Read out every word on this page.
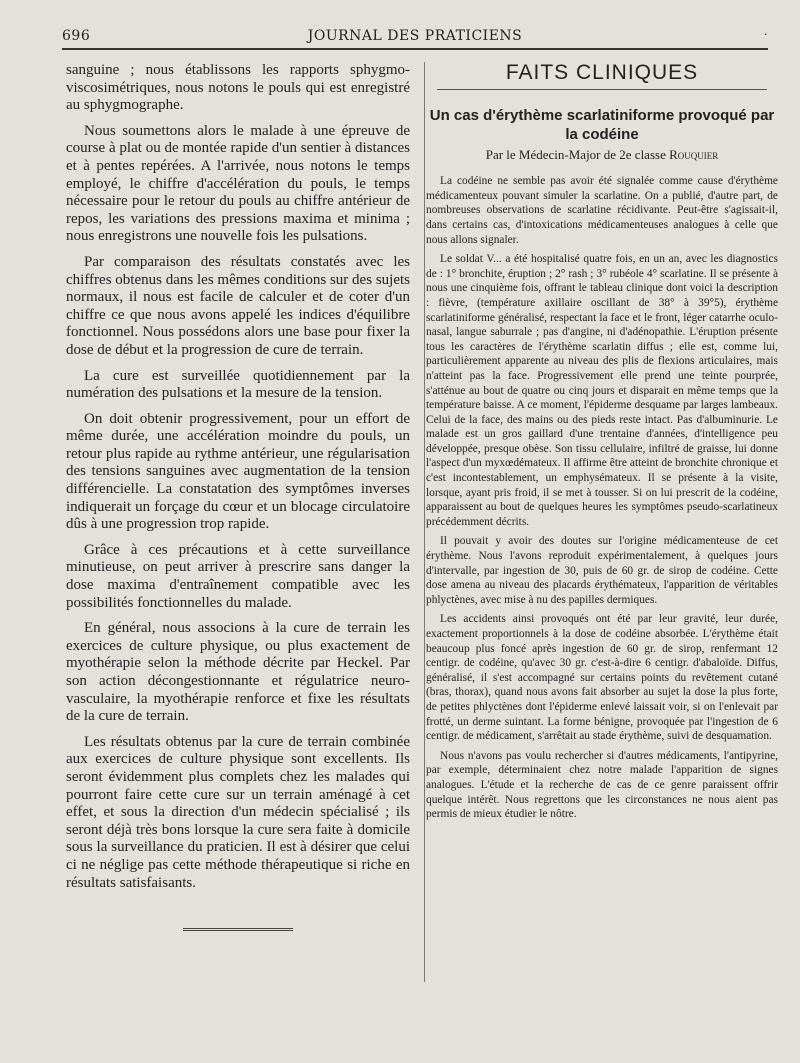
696	JOURNAL DES PRATICIENS	·

sanguine ; nous établissons les rapports sphygmo-viscosimétriques, nous notons le pouls qui est enregistré au sphygmographe.

Nous soumettons alors le malade à une épreuve de course à plat ou de montée rapide d'un sentier à distances et à pentes repérées. A l'arrivée, nous notons le temps employé, le chiffre d'accélération du pouls, le temps nécessaire pour le retour du pouls au chiffre antérieur de repos, les variations des pressions maxima et minima ; nous enregistrons une nouvelle fois les pulsations.

Par comparaison des résultats constatés avec les chiffres obtenus dans les mêmes conditions sur des sujets normaux, il nous est facile de calculer et de coter d'un chiffre ce que nous avons appelé les indices d'équilibre fonctionnel. Nous possédons alors une base pour fixer la dose de début et la progression de cure de terrain.

La cure est surveillée quotidiennement par la numération des pulsations et la mesure de la tension.

On doit obtenir progressivement, pour un effort de même durée, une accélération moindre du pouls, un retour plus rapide au rythme antérieur, une régularisation des tensions sanguines avec augmentation de la tension différencielle. La constatation des symptômes inverses indiquerait un forçage du cœur et un blocage circulatoire dûs à une progression trop rapide.

Grâce à ces précautions et à cette surveillance minutieuse, on peut arriver à prescrire sans danger la dose maxima d'entraînement compatible avec les possibilités fonctionnelles du malade.

En général, nous associons à la cure de terrain les exercices de culture physique, ou plus exactement de myothérapie selon la méthode décrite par Heckel. Par son action décongestionnante et régulatrice neuro-vasculaire, la myothérapie renforce et fixe les résultats de la cure de terrain.

Les résultats obtenus par la cure de terrain combinée aux exercices de culture physique sont excellents. Ils seront évidemment plus complets chez les malades qui pourront faire cette cure sur un terrain aménagé à cet effet, et sous la direction d'un médecin spécialisé ; ils seront déjà très bons lorsque la cure sera faite à domicile sous la surveillance du praticien. Il est à désirer que celui ci ne néglige pas cette méthode thérapeutique si riche en résultats satisfaisants.

FAITS CLINIQUES
Un cas d'érythème scarlatiniforme provoqué par la codéine
Par le Médecin-Major de 2e classe Rouquier

La codéine ne semble pas avoir été signalée comme cause d'érythème médicamenteux pouvant simuler la scarlatine. On a publié, d'autre part, de nombreuses observations de scarlatine récidivante. Peut-être s'agissait-il, dans certains cas, d'intoxications médicamenteuses analogues à celle que nous allons signaler.

Le soldat V... a été hospitalisé quatre fois, en un an, avec les diagnostics de : 1° bronchite, éruption ; 2° rash ; 3° rubéole 4° scarlatine. Il se présente à nous une cinquième fois, offrant le tableau clinique dont voici la description : fièvre, (température axillaire oscillant de 38° à 39°5), érythème scarlatiniforme généralisé, respectant la face et le front, léger catarrhe oculo-nasal, langue saburrale ; pas d'angine, ni d'adénopathie. L'éruption présente tous les caractères de l'érythème scarlatin diffus ; elle est, comme lui, particulièrement apparente au niveau des plis de flexions articulaires, mais n'atteint pas la face. Progressivement elle prend une teinte pourprée, s'atténue au bout de quatre ou cinq jours et disparait en même temps que la température baisse. A ce moment, l'épiderme desquame par larges lambeaux. Celui de la face, des mains ou des pieds reste intact. Pas d'albuminurie. Le malade est un gros gaillard d'une trentaine d'années, d'intelligence peu développée, presque obèse. Son tissu cellulaire, infiltré de graisse, lui donne l'aspect d'un myxœdémateux. Il affirme être atteint de bronchite chronique et c'est incontestablement, un emphysémateux. Il se présente à la visite, lorsque, ayant pris froid, il se met à tousser. Si on lui prescrit de la codéine, apparaissent au bout de quelques heures les symptômes pseudo-scarlatineux précédemment décrits.

Il pouvait y avoir des doutes sur l'origine médicamenteuse de cet érythème. Nous l'avons reproduit expérimentalement, à quelques jours d'intervalle, par ingestion de 30, puis de 60 gr. de sirop de codéine. Cette dose amena au niveau des placards érythémateux, l'apparition de véritables phlyctènes, avec mise à nu des papilles dermiques.

Les accidents ainsi provoqués ont été par leur gravité, leur durée, exactement proportionnels à la dose de codéine absorbée. L'érythème était beaucoup plus foncé après ingestion de 60 gr. de sirop, renfermant 12 centigr. de codéine, qu'avec 30 gr. c'est-à-dire 6 centigr. d'abaloïde. Diffus, généralisé, il s'est accompagné sur certains points du revêtement cutané (bras, thorax), quand nous avons fait absorber au sujet la dose la plus forte, de petites phlyctènes dont l'épiderme enlevé laissait voir, si on l'enlevait par frotté, un derme suintant. La forme bénigne, provoquée par l'ingestion de 6 centigr. de médicament, s'arrêtait au stade érythème, suivi de desquamation.

Nous n'avons pas voulu rechercher si d'autres médicaments, l'antipyrine, par exemple, déterminaient chez notre malade l'apparition de signes analogues. L'étude et la recherche de cas de ce genre paraissent offrir quelque intérêt. Nous regrettons que les circonstances ne nous aient pas permis de mieux étudier le nôtre.
